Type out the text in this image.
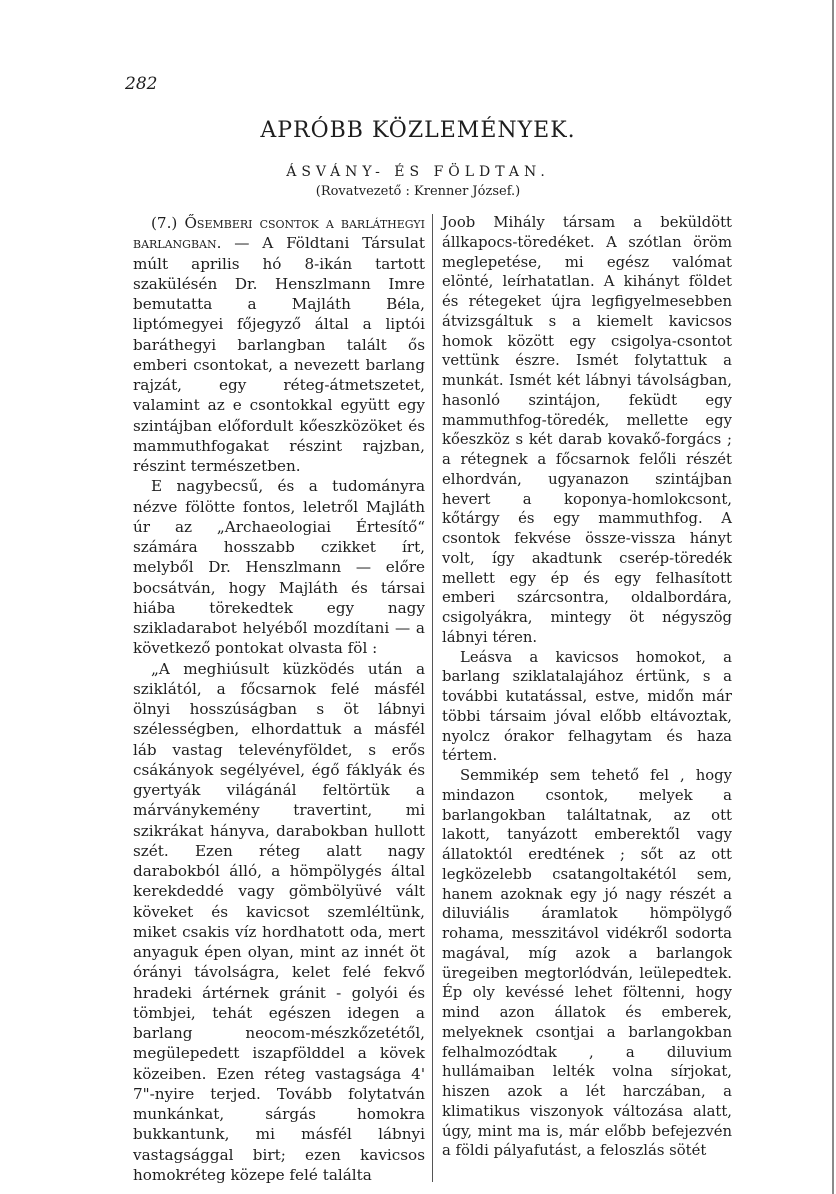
282
APRÓBB KÖZLEMÉNYEK.
ÁSVÁNY- ÉS FÖLDTAN.
(Rovatvezető : Krenner József.)

(7.) Ősemberi csontok a barláthegyi barlangban. — A Földtani Társulat múlt aprilis hó 8-ikán tartott szakülésén Dr. Henszlmann Imre bemutatta a Majláth Béla, liptómegyei főjegyző által a liptói baráthegyi barlangban talált ős emberi csontokat, a nevezett barlang rajzát, egy réteg-átmetszetet, valamint az e csontokkal együtt egy szintájban előfordult kőeszközöket és mammuthfogakat részint rajzban, részint természetben.

E nagybecsű, és a tudományra nézve fölötte fontos, leletről Majláth úr az „Archaeologiai Értesítő“ számára hosszabb czikket írt, melyből Dr. Henszlmann — előre bocsátván, hogy Majláth és társai hiába törekedtek egy nagy szikladarabot helyéből mozdítani — a következő pontokat olvasta föl :

„A meghiúsult küzködés után a sziklától, a főcsarnok felé másfél ölnyi hosszúságban s öt lábnyi szélességben, elhordattuk a másfél láb vastag televényföldet, s erős csákányok segélyével, égő fáklyák és gyertyák világánál feltörtük a márványkemény travertint, mi szikrákat hányva, darabokban hullott szét. Ezen réteg alatt nagy darabokból álló, a hömpölygés által kerekdeddé vagy gömbölyüvé vált köveket és kavicsot szemléltünk, miket csakis víz hordhatott oda, mert anyaguk épen olyan, mint az innét öt órányi távolságra, kelet felé fekvő hradeki ártérnek gránit - golyói és tömbjei, tehát egészen idegen a barlang neocom-mészkőzetétől, megülepedett iszapfölddel a kövek közeiben. Ezen réteg vastagsága 4' 7"-nyire terjed. Tovább folytatván munkánkat, sárgás homokra bukkantunk, mi másfél lábnyi vastagsággal birt; ezen kavicsos homokréteg közepe felé találta

Joob Mihály társam a beküldött állkapocs-töredéket. A szótlan öröm meglepetése, mi egész valómat elönté, leírhatatlan. A kihányt földet és rétegeket újra legfigyelmesebben átvizsgáltuk s a kiemelt kavicsos homok között egy csigolya-csontot vettünk észre. Ismét folytattuk a munkát. Ismét két lábnyi távolságban, hasonló szintájon, feküdt egy mammuthfog-töredék, mellette egy kőeszköz s két darab kovakő-forgács ; a rétegnek a főcsarnok felőli részét elhordván, ugyanazon szintájban hevert a koponya-homlokcsont, kőtárgy és egy mammuthfog. A csontok fekvése össze-vissza hányt volt, így akadtunk cserép-töredék mellett egy ép és egy felhasított emberi szárcsontra, oldalbordára, csigolyákra, mintegy öt négyszög lábnyi téren.

Leásva a kavicsos homokot, a barlang sziklatalajához értünk, s a további kutatással, estve, midőn már többi társaim jóval előbb eltávoztak, nyolcz órakor felhagytam és haza tértem.

Semmikép sem tehető fel , hogy mindazon csontok, melyek a barlangokban találtatnak, az ott lakott, tanyázott emberektől vagy állatoktól eredtének ; sőt az ott legközelebb csatangoltakétól sem, hanem azoknak egy jó nagy részét a diluviális áramlatok hömpölygő rohama, messzitávol vidékről sodorta magával, míg azok a barlangok üregeiben megtorlódván, leülepedtek. Ép oly kevéssé lehet föltenni, hogy mind azon állatok és emberek, melyeknek csontjai a barlangokban felhalmozódtak , a diluvium hullámaiban lelték volna sírjokat, hiszen azok a lét harczában, a klimatikus viszonyok változása alatt, úgy, mint ma is, már előbb befejezvén a földi pályafutást, a feloszlás sötét
